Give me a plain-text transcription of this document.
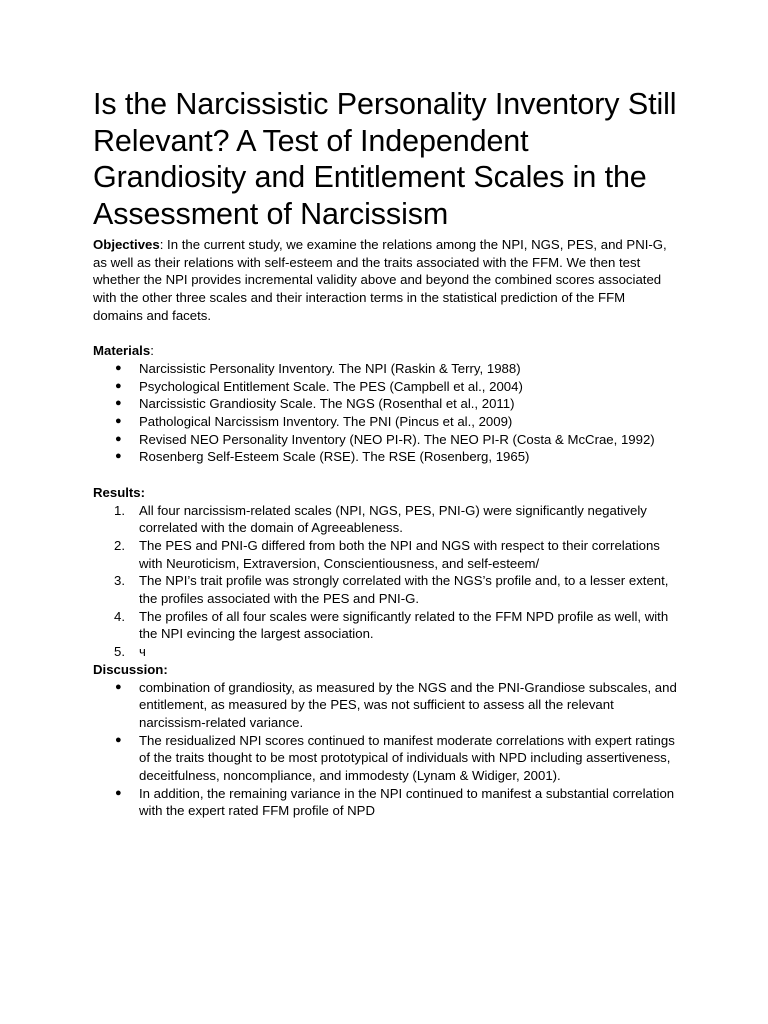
Is the Narcissistic Personality Inventory Still Relevant? A Test of Independent Grandiosity and Entitlement Scales in the Assessment of Narcissism

Objectives: In the current study, we examine the relations among the NPI, NGS, PES, and PNI-G, as well as their relations with self-esteem and the traits associated with the FFM. We then test whether the NPI provides incremental validity above and beyond the combined scores associated with the other three scales and their interaction terms in the statistical prediction of the FFM domains and facets.

Materials:

●	Narcissistic Personality Inventory. The NPI (Raskin & Terry, 1988)
●	Psychological Entitlement Scale. The PES (Campbell et al., 2004)
●	Narcissistic Grandiosity Scale. The NGS (Rosenthal et al., 2011)
●	Pathological Narcissism Inventory. The PNI (Pincus et al., 2009)
●	Revised NEO Personality Inventory (NEO PI-R). The NEO PI-R (Costa & McCrae, 1992)
●	Rosenberg Self-Esteem Scale (RSE). The RSE (Rosenberg, 1965)

Results:

1.	All four narcissism-related scales (NPI, NGS, PES, PNI-G) were significantly negatively correlated with the domain of Agreeableness.
2.	The PES and PNI-G differed from both the NPI and NGS with respect to their correlations with Neuroticism, Extraversion, Conscientiousness, and self-esteem/
3.	The NPI’s trait profile was strongly correlated with the NGS’s profile and, to a lesser extent, the profiles associated with the PES and PNI-G.
4.	The profiles of all four scales were significantly related to the FFM NPD profile as well, with the NPI evincing the largest association.
5.	ч

Discussion:

●	combination of grandiosity, as measured by the NGS and the PNI-Grandiose subscales, and entitlement, as measured by the PES, was not sufficient to assess all the relevant narcissism-related variance.
●	The residualized NPI scores continued to manifest moderate correlations with expert ratings of the traits thought to be most prototypical of individuals with NPD including assertiveness, deceitfulness, noncompliance, and immodesty (Lynam & Widiger, 2001).
●	In addition, the remaining variance in the NPI continued to manifest a substantial correlation with the expert rated FFM profile of NPD
